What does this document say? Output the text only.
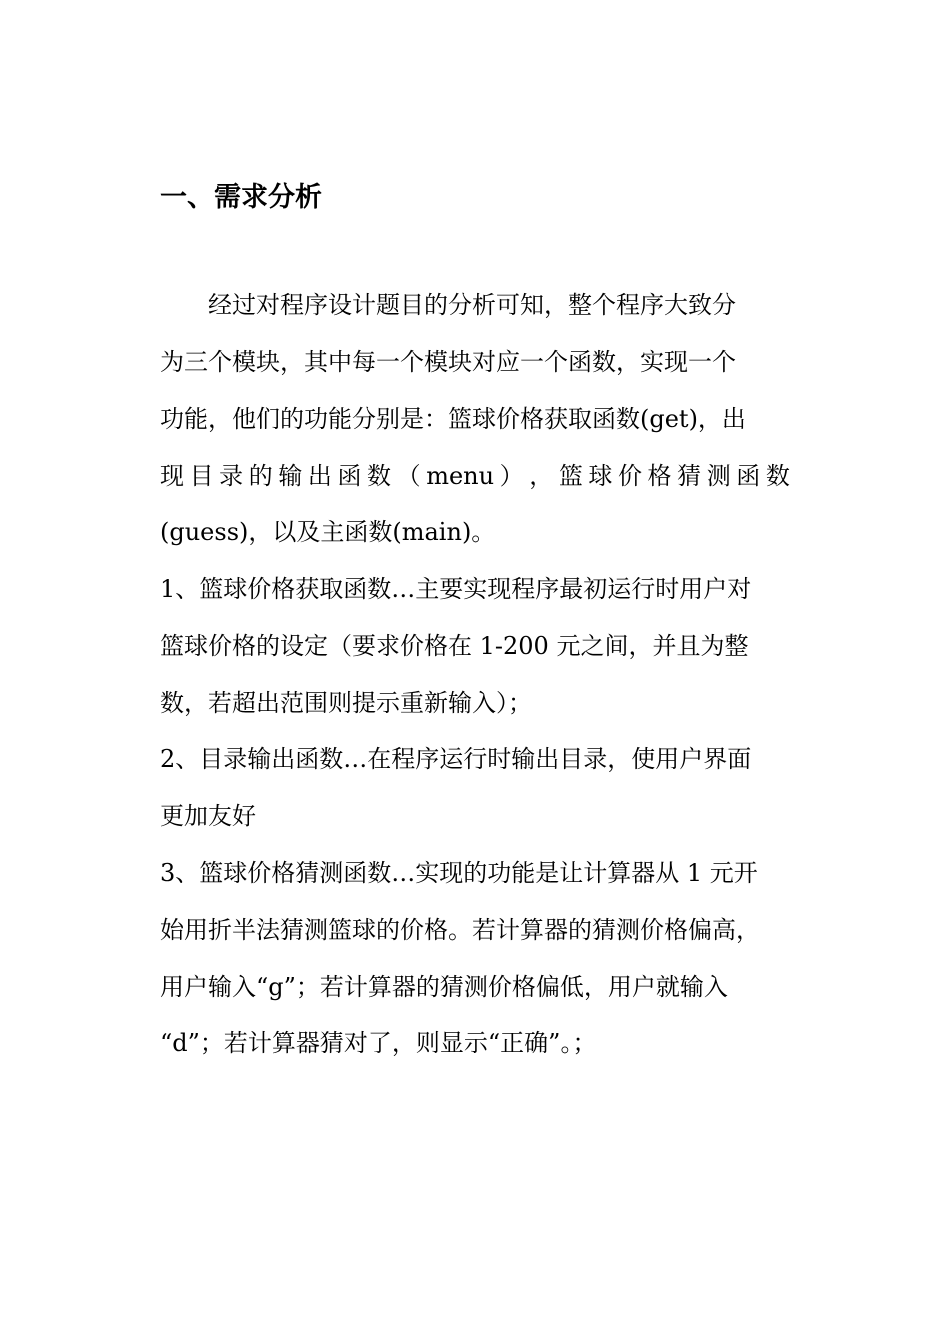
一、需求分析
经过对程序设计题目的分析可知，整个程序大致分
为三个模块，其中每一个模块对应一个函数，实现一个
功能，他们的功能分别是：篮球价格获取函数(get)，出
现 目 录 的 输 出 函 数 （ menu ） ， 篮 球 价 格 猜 测 函 数
(guess)，以及主函数(main)。
1、篮球价格获取函数…主要实现程序最初运行时用户对
篮球价格的设定（要求价格在 1-200 元之间，并且为整
数，若超出范围则提示重新输入）；
2、目录输出函数…在程序运行时输出目录，使用户界面
更加友好
3、篮球价格猜测函数…实现的功能是让计算器从 1 元开
始用折半法猜测篮球的价格。若计算器的猜测价格偏高，
用户输入“g”；若计算器的猜测价格偏低，用户就输入
“d”；若计算器猜对了，则显示“正确”。；
